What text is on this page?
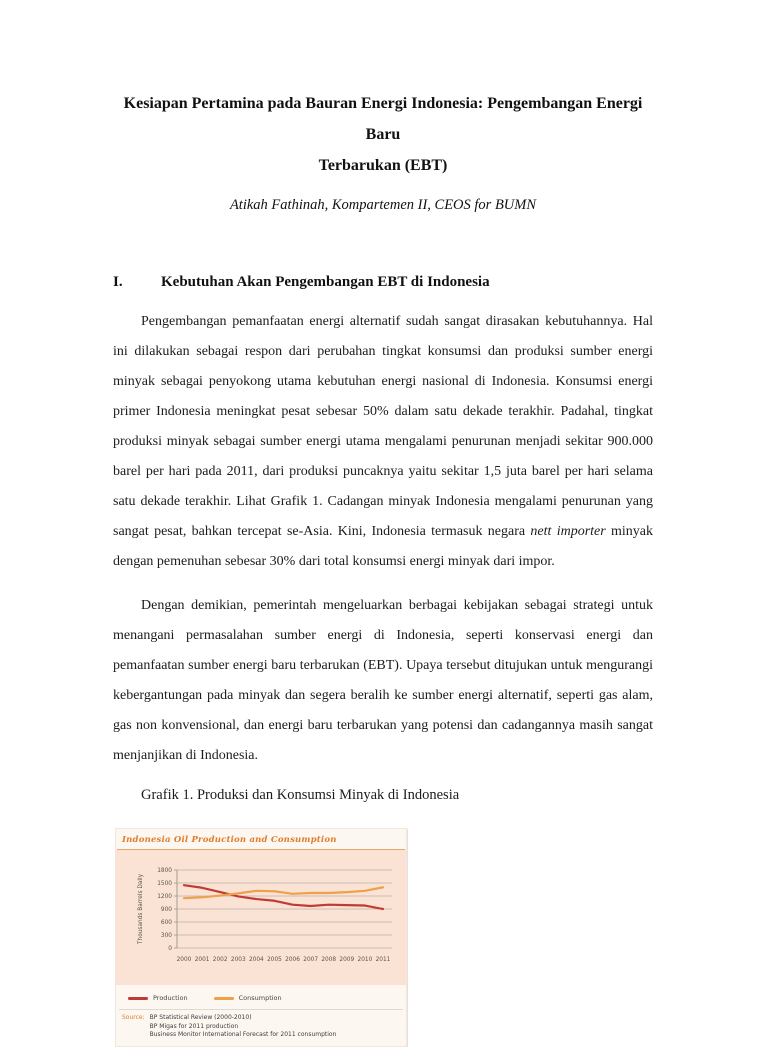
Kesiapan Pertamina pada Bauran Energi Indonesia: Pengembangan Energi Baru
Terbarukan (EBT)
Atikah Fathinah, Kompartemen II, CEOS for BUMN
I.	Kebutuhan Akan Pengembangan EBT di Indonesia

Pengembangan pemanfaatan energi alternatif sudah sangat dirasakan kebutuhannya. Hal ini dilakukan sebagai respon dari perubahan tingkat konsumsi dan produksi sumber energi minyak sebagai penyokong utama kebutuhan energi nasional di Indonesia. Konsumsi energi primer Indonesia meningkat pesat sebesar 50% dalam satu dekade terakhir. Padahal, tingkat produksi minyak sebagai sumber energi utama mengalami penurunan menjadi sekitar 900.000 barel per hari pada 2011, dari produksi puncaknya yaitu sekitar 1,5 juta barel per hari selama satu dekade terakhir. Lihat Grafik 1. Cadangan minyak Indonesia mengalami penurunan yang sangat pesat, bahkan tercepat se-Asia. Kini, Indonesia termasuk negara nett importer minyak dengan pemenuhan sebesar 30% dari total konsumsi energi minyak dari impor.

Dengan demikian, pemerintah mengeluarkan berbagai kebijakan sebagai strategi untuk menangani permasalahan sumber energi di Indonesia, seperti konservasi energi dan pemanfaatan sumber energi baru terbarukan (EBT). Upaya tersebut ditujukan untuk mengurangi kebergantungan pada minyak dan segera beralih ke sumber energi alternatif, seperti gas alam, gas non konvensional, dan energi baru terbarukan yang potensi dan cadangannya masih sangat menjanjikan di Indonesia.

Grafik 1. Produksi dan Konsumsi Minyak di Indonesia
Indonesia Oil Production and Consumption
0
300
600
900
1200
1500
1800
2000 2001 2002 2003 2004 2005 2006 2007 2008 2009 2010 2011
Thousands Barrels Daily
Production	Consumption
Source: BP Statistical Review (2000-2010)
BP Migas for 2011 production
Business Monitor International Forecast for 2011 consumption
